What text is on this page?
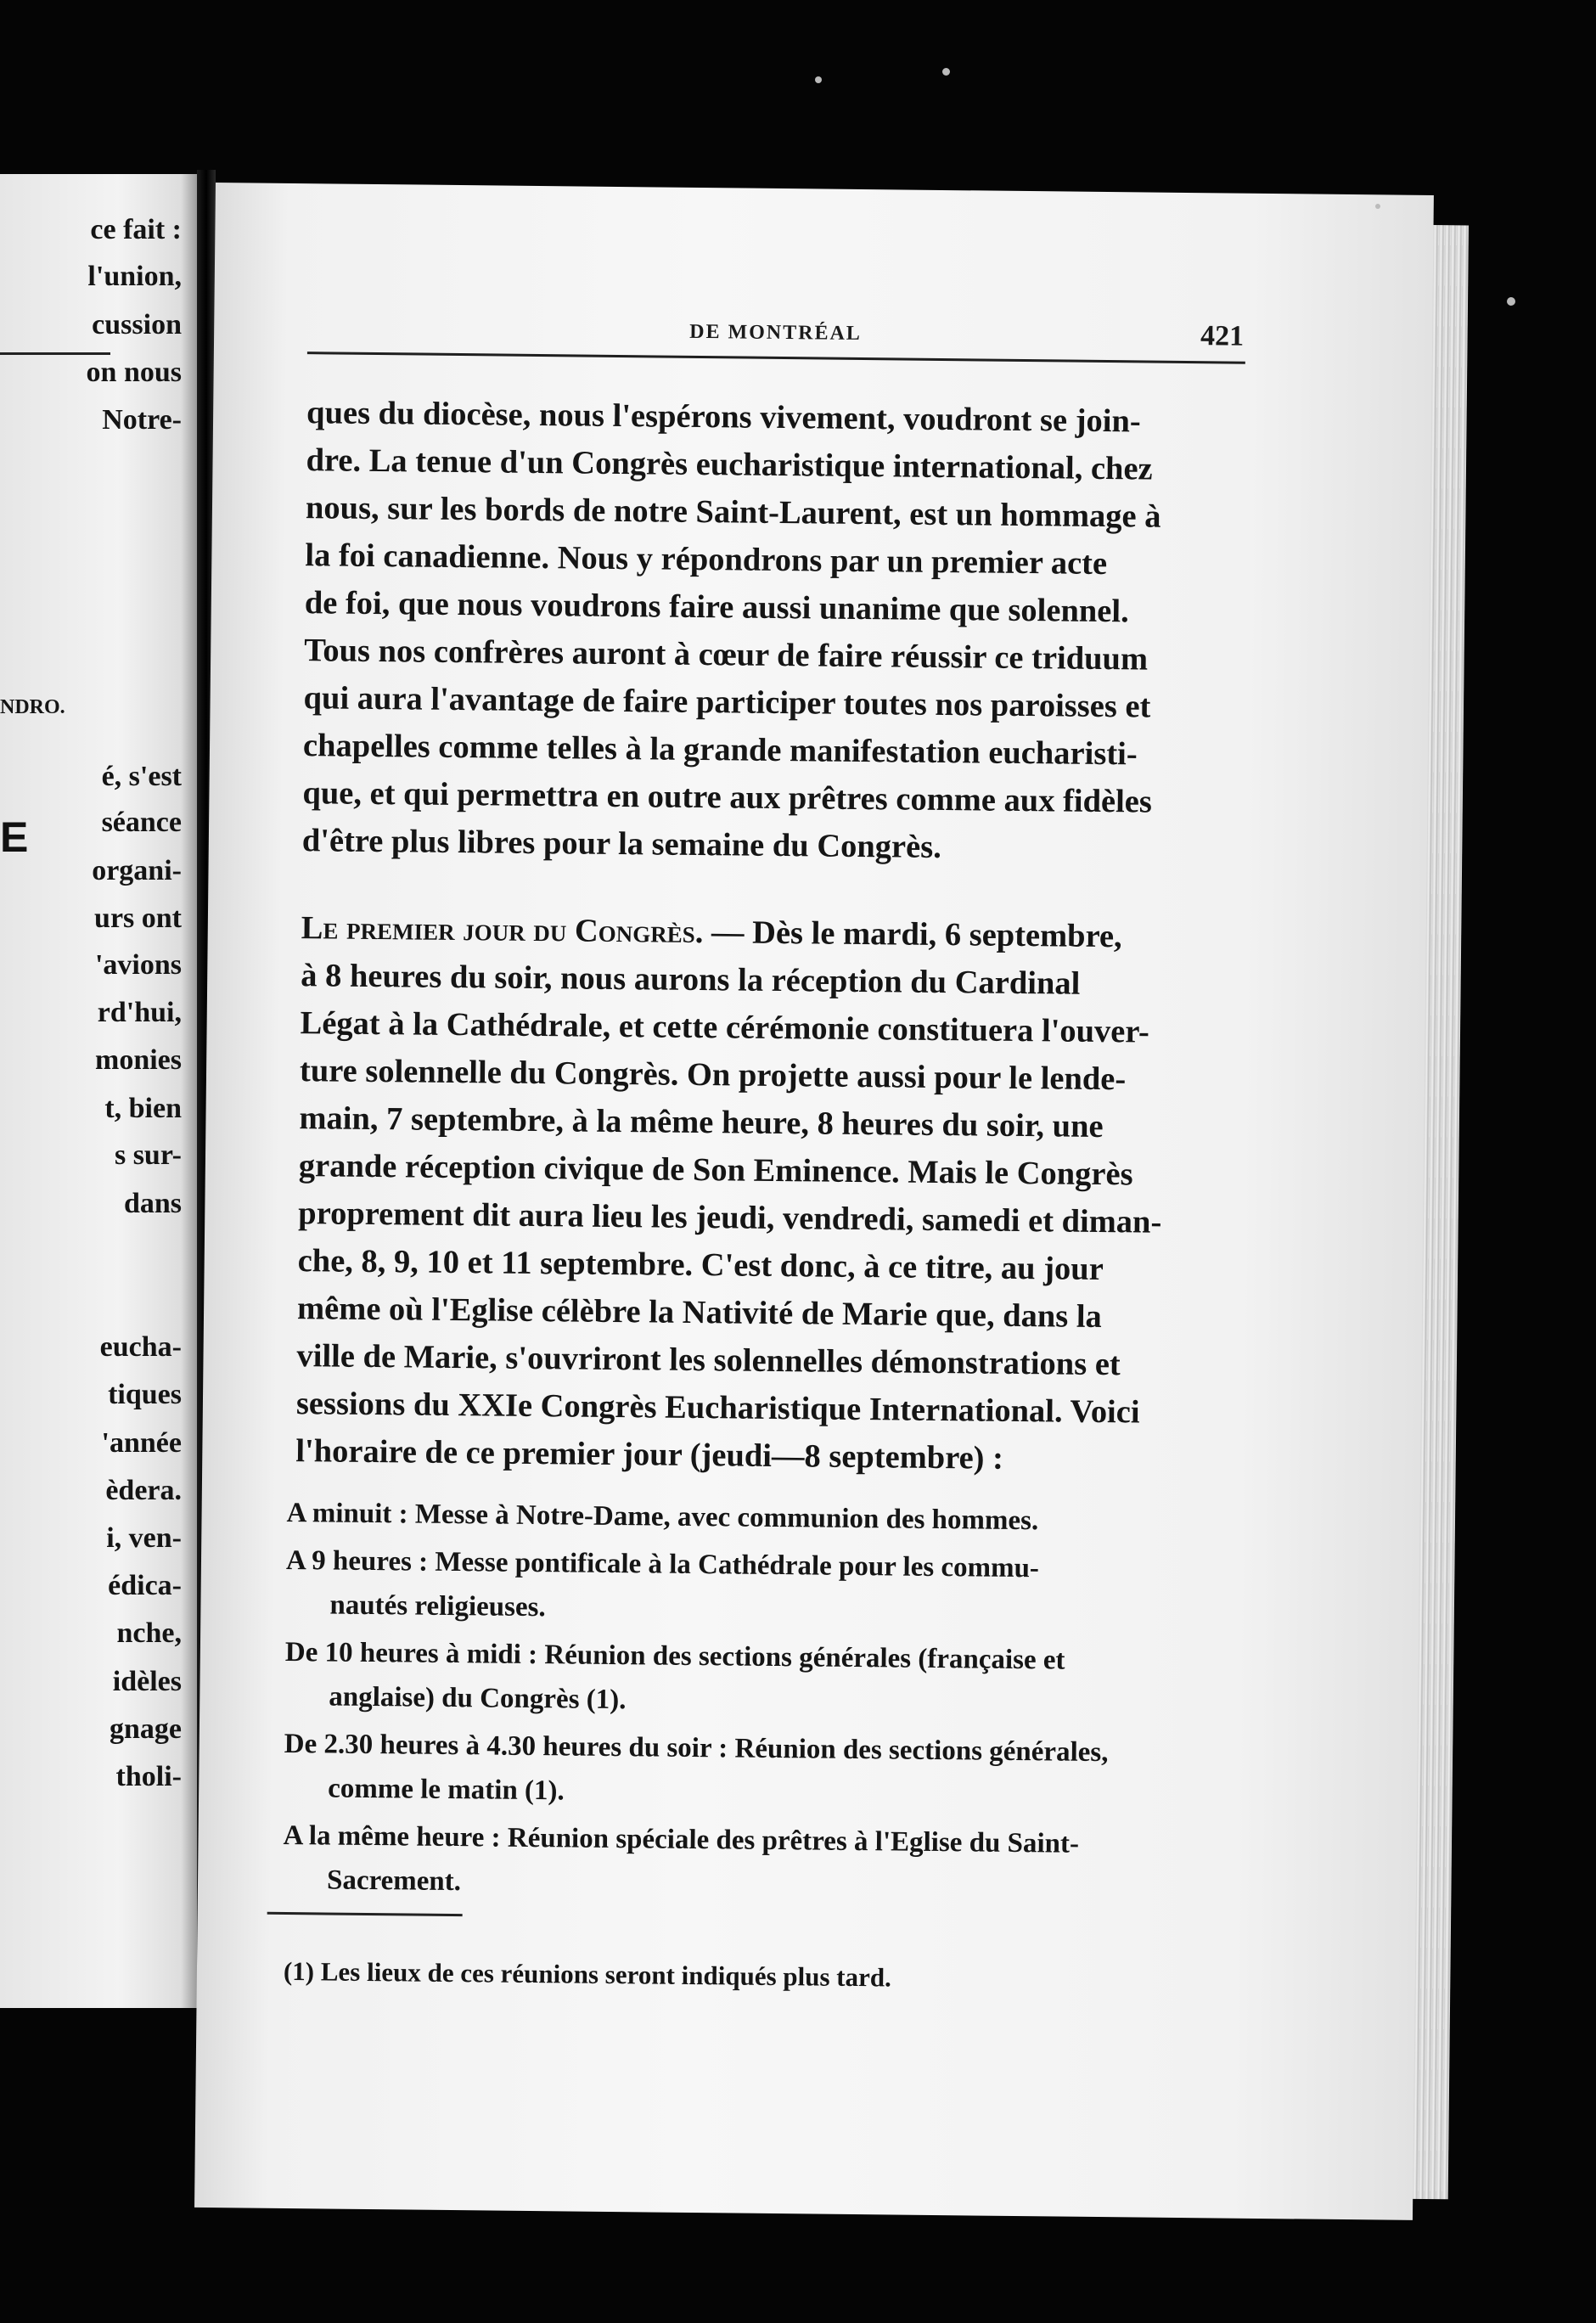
ce fait :
l'union,
cussion
on nous
Notre-
é, s'est
séance
organi-
urs ont
'avions
rd'hui,
monies
t, bien
s sur-
dans
eucha-
tiques
'année
èdera.
i, ven-
édica-
nche,
idèles
gnage
tholi-
NDRO.
E
DE MONTRÉAL	421
ques du diocèse, nous l'espérons vivement, voudront se join-
dre. La tenue d'un Congrès eucharistique international, chez
nous, sur les bords de notre Saint-Laurent, est un hommage à
la foi canadienne. Nous y répondrons par un premier acte
de foi, que nous voudrons faire aussi unanime que solennel.
Tous nos confrères auront à cœur de faire réussir ce triduum
qui aura l'avantage de faire participer toutes nos paroisses et
chapelles comme telles à la grande manifestation eucharisti-
que, et qui permettra en outre aux prêtres comme aux fidèles
d'être plus libres pour la semaine du Congrès.
Le premier jour du Congrès. — Dès le mardi, 6 septembre,
à 8 heures du soir, nous aurons la réception du Cardinal
Légat à la Cathédrale, et cette cérémonie constituera l'ouver-
ture solennelle du Congrès. On projette aussi pour le lende-
main, 7 septembre, à la même heure, 8 heures du soir, une
grande réception civique de Son Eminence. Mais le Congrès
proprement dit aura lieu les jeudi, vendredi, samedi et diman-
che, 8, 9, 10 et 11 septembre. C'est donc, à ce titre, au jour
même où l'Eglise célèbre la Nativité de Marie que, dans la
ville de Marie, s'ouvriront les solennelles démonstrations et
sessions du XXIe Congrès Eucharistique International. Voici
l'horaire de ce premier jour (jeudi—8 septembre) :
A minuit : Messe à Notre-Dame, avec communion des hommes.
A 9 heures : Messe pontificale à la Cathédrale pour les commu-
nautés religieuses.
De 10 heures à midi : Réunion des sections générales (française et
anglaise) du Congrès (1).
De 2.30 heures à 4.30 heures du soir : Réunion des sections générales,
comme le matin (1).
A la même heure : Réunion spéciale des prêtres à l'Eglise du Saint-
Sacrement.
(1) Les lieux de ces réunions seront indiqués plus tard.
